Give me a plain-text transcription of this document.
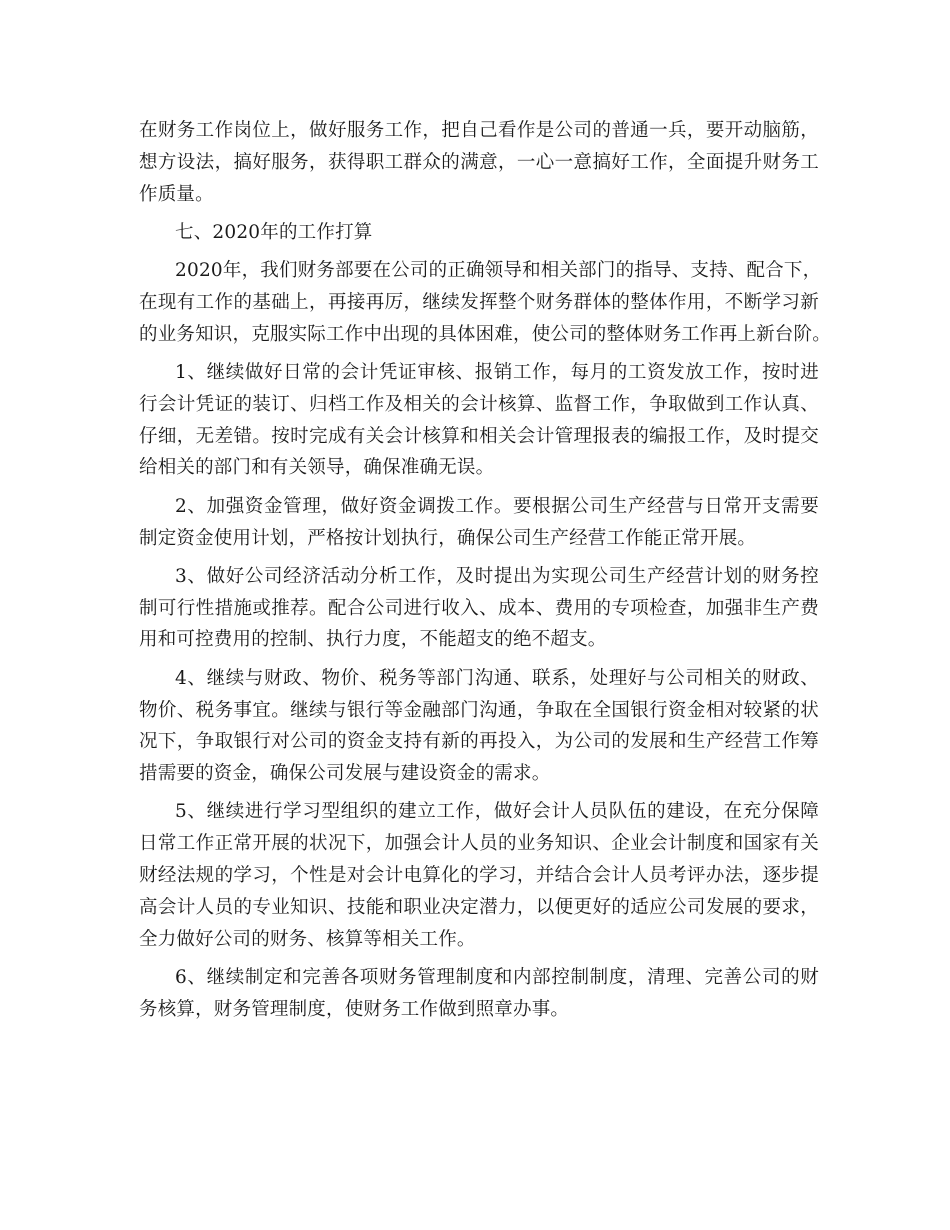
在财务工作岗位上，做好服务工作，把自己看作是公司的普通一兵，要开动脑筋，
想方设法，搞好服务，获得职工群众的满意，一心一意搞好工作，全面提升财务工
作质量。
七、2020年的工作打算
2020年，我们财务部要在公司的正确领导和相关部门的指导、支持、配合下，
在现有工作的基础上，再接再厉，继续发挥整个财务群体的整体作用，不断学习新
的业务知识，克服实际工作中出现的具体困难，使公司的整体财务工作再上新台阶。
1、继续做好日常的会计凭证审核、报销工作，每月的工资发放工作，按时进
行会计凭证的装订、归档工作及相关的会计核算、监督工作，争取做到工作认真、
仔细，无差错。按时完成有关会计核算和相关会计管理报表的编报工作，及时提交
给相关的部门和有关领导，确保准确无误。
2、加强资金管理，做好资金调拨工作。要根据公司生产经营与日常开支需要
制定资金使用计划，严格按计划执行，确保公司生产经营工作能正常开展。
3、做好公司经济活动分析工作，及时提出为实现公司生产经营计划的财务控
制可行性措施或推荐。配合公司进行收入、成本、费用的专项检查，加强非生产费
用和可控费用的控制、执行力度，不能超支的绝不超支。
4、继续与财政、物价、税务等部门沟通、联系，处理好与公司相关的财政、
物价、税务事宜。继续与银行等金融部门沟通，争取在全国银行资金相对较紧的状
况下，争取银行对公司的资金支持有新的再投入，为公司的发展和生产经营工作筹
措需要的资金，确保公司发展与建设资金的需求。
5、继续进行学习型组织的建立工作，做好会计人员队伍的建设，在充分保障
日常工作正常开展的状况下，加强会计人员的业务知识、企业会计制度和国家有关
财经法规的学习，个性是对会计电算化的学习，并结合会计人员考评办法，逐步提
高会计人员的专业知识、技能和职业决定潜力，以便更好的适应公司发展的要求，
全力做好公司的财务、核算等相关工作。
6、继续制定和完善各项财务管理制度和内部控制制度，清理、完善公司的财
务核算，财务管理制度，使财务工作做到照章办事。
